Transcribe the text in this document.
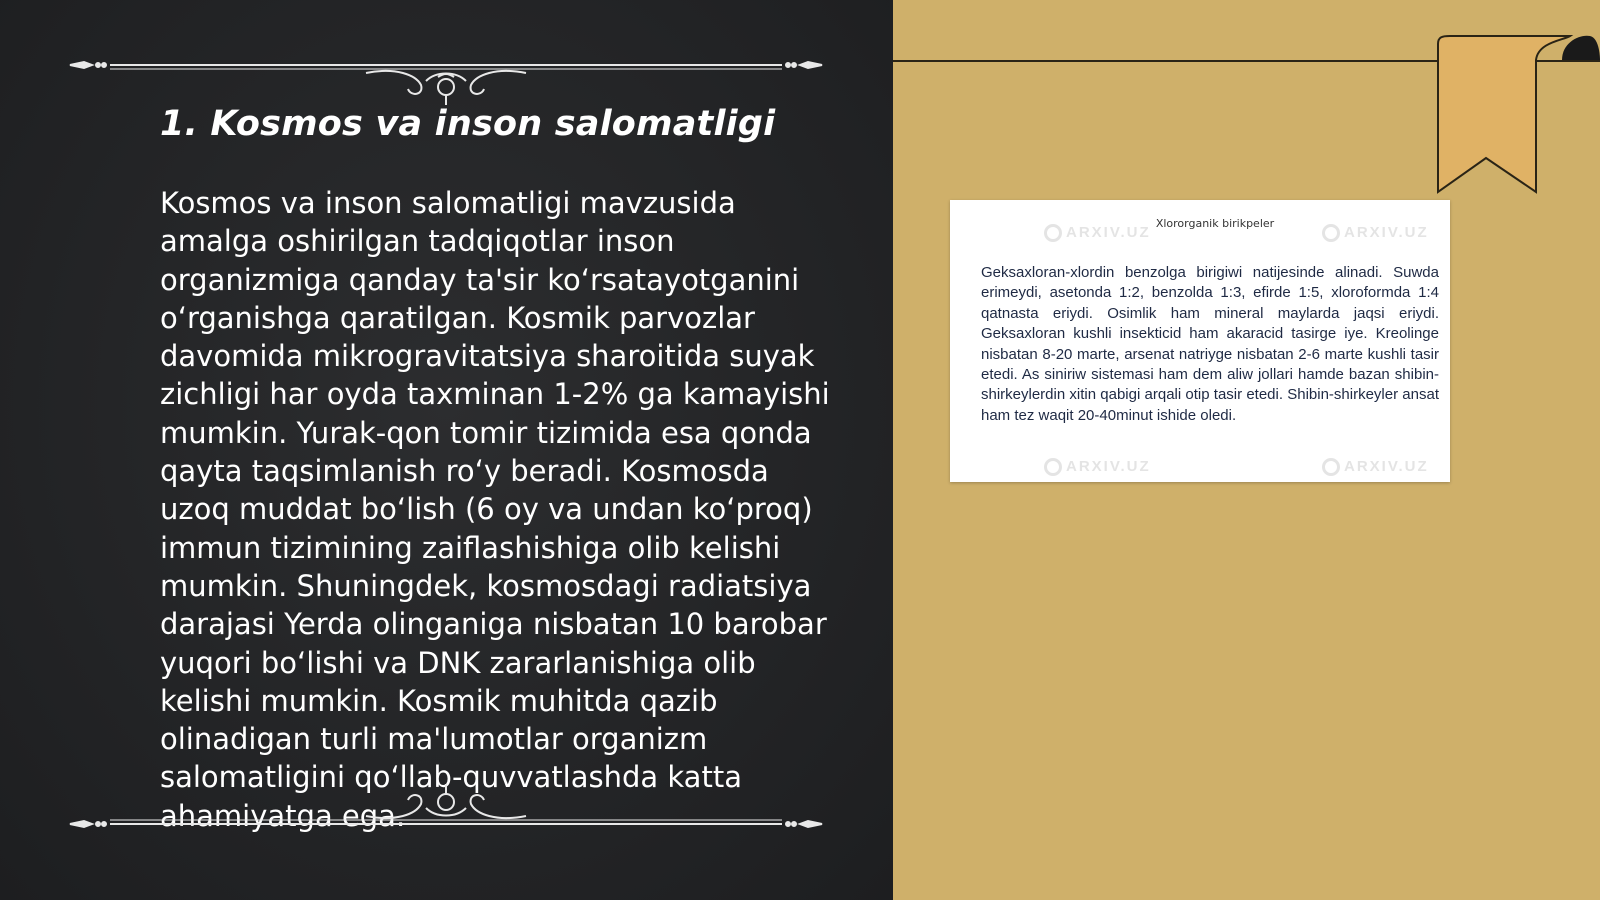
1. Kosmos va inson salomatligi

Kosmos va inson salomatligi mavzusida amalga oshirilgan tadqiqotlar inson organizmiga qanday ta'sir koʻrsatayotganini oʻrganishga qaratilgan. Kosmik parvozlar davomida mikrogravitatsiya sharoitida suyak zichligi har oyda taxminan 1-2% ga kamayishi mumkin. Yurak-qon tomir tizimida esa qonda qayta taqsimlanish roʻy beradi. Kosmosda uzoq muddat boʻlish (6 oy va undan koʻproq) immun tizimining zaiflashishiga olib kelishi mumkin. Shuningdek, kosmosdagi radiatsiya darajasi Yerda olinganiga nisbatan 10 barobar yuqori boʻlishi va DNK zararlanishiga olib kelishi mumkin. Kosmik muhitda qazib olinadigan turli ma'lumotlar organizm salomatligini qoʻllab-quvvatlashda katta ahamiyatga ega.

ARXIV.UZ	ARXIV.UZ
ARXIV.UZ	ARXIV.UZ
Xlororganik birikpeler

Geksaxloran-xlordin benzolga birigiwi natijesinde alinadi. Suwda erimeydi, asetonda 1:2, benzolda 1:3, efirde 1:5, xloroformda 1:4 qatnasta eriydi. Osimlik ham mineral maylarda jaqsi eriydi. Geksaxloran kushli insekticid ham akaracid tasirge iye. Kreolinge nisbatan 8-20 marte, arsenat natriyge nisbatan 2-6 marte kushli tasir etedi. As siniriw sistemasi ham dem aliw jollari hamde bazan shibin-shirkeylerdin xitin qabigi arqali otip tasir etedi. Shibin-shirkeyler ansat ham tez waqit 20-40minut ishide oledi.
